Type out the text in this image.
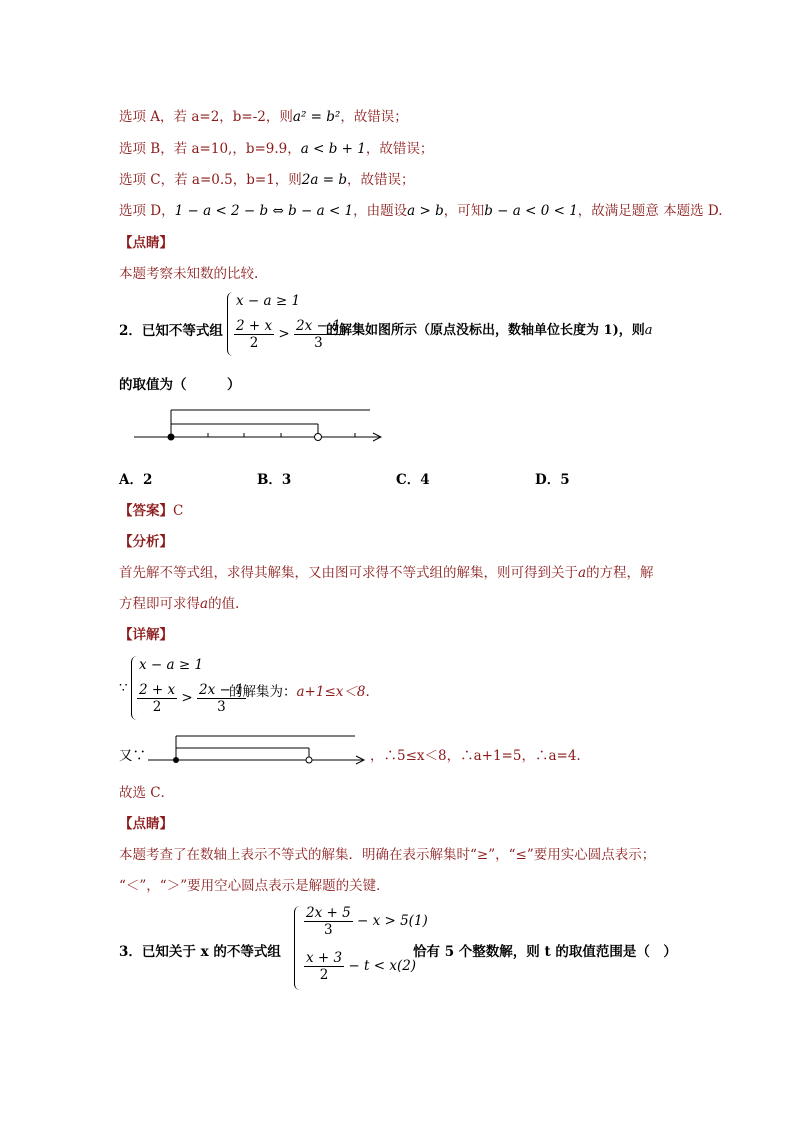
选项 A，若 a=2，b=-2，则a² = b²，故错误；
选项 B，若 a=10,，b=9.9，a < b + 1，故错误；
选项 C，若 a=0.5，b=1，则2a = b，故错误；
选项 D，1 − a < 2 − b ⇔ b − a < 1，由题设a > b，可知b − a < 0 < 1，故满足题意 本题选 D.
【点睛】
本题考察未知数的比较.
2．已知不等式组
x − a ≥ 1
$\frac{2 + x}{2} > \frac{2x - 1}{3}$
的解集如图所示（原点没标出，数轴单位长度为 1)，则a
的取值为（　　　）
A．2	B．3	C．4	D．5
【答案】C
【分析】
首先解不等式组，求得其解集，又由图可求得不等式组的解集，则可得到关于a的方程，解
方程即可求得a的值.
【详解】
∵
x − a ≥ 1
$\frac{2 + x}{2} > \frac{2x - 1}{3}$
的解集为：a+1≤x＜8.
又∵	，∴5≤x＜8，∴a+1=5，∴a=4.
故选 C．
【点睛】
本题考查了在数轴上表示不等式的解集．明确在表示解集时“≥”，“≤”要用实心圆点表示；
“＜”，“＞”要用空心圆点表示是解题的关键．
3．已知关于 x 的不等式组
$\frac{2x + 5}{3} - x > 5(1)$
$\frac{x + 3}{2} - t < x(2)$
恰有 5 个整数解，则 t 的取值范围是（　）
